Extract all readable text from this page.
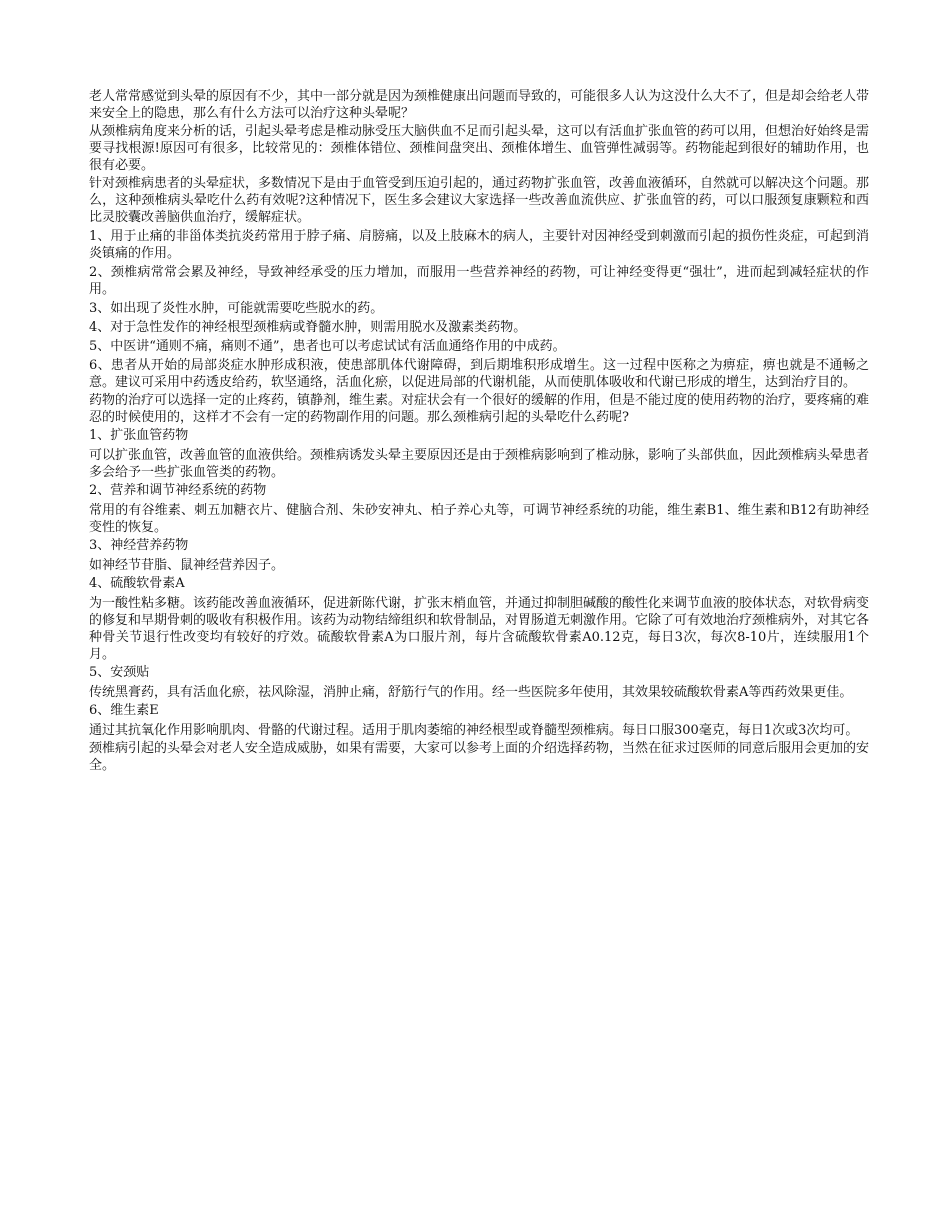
老人常常感觉到头晕的原因有不少，其中一部分就是因为颈椎健康出问题而导致的，可能很多人认为这没什么大不了，但是却会给老人带来安全上的隐患，那么有什么方法可以治疗这种头晕呢？

从颈椎病角度来分析的话，引起头晕考虑是椎动脉受压大脑供血不足而引起头晕，这可以有活血扩张血管的药可以用，但想治好始终是需要寻找根源!原因可有很多，比较常见的：颈椎体错位、颈椎间盘突出、颈椎体增生、血管弹性减弱等。药物能起到很好的辅助作用，也很有必要。

针对颈椎病患者的头晕症状，多数情况下是由于血管受到压迫引起的，通过药物扩张血管，改善血液循环，自然就可以解决这个问题。那么，这种颈椎病头晕吃什么药有效呢?这种情况下，医生多会建议大家选择一些改善血流供应、扩张血管的药，可以口服颈复康颗粒和西比灵胶囊改善脑供血治疗，缓解症状。

1、用于止痛的非甾体类抗炎药常用于脖子痛、肩膀痛，以及上肢麻木的病人，主要针对因神经受到刺激而引起的损伤性炎症，可起到消炎镇痛的作用。

2、颈椎病常常会累及神经，导致神经承受的压力增加，而服用一些营养神经的药物，可让神经变得更“强壮”，进而起到减轻症状的作用。

3、如出现了炎性水肿，可能就需要吃些脱水的药。

4、对于急性发作的神经根型颈椎病或脊髓水肿，则需用脱水及激素类药物。

5、中医讲“通则不痛，痛则不通”，患者也可以考虑试试有活血通络作用的中成药。

6、患者从开始的局部炎症水肿形成积液，使患部肌体代谢障碍，到后期堆积形成增生。这一过程中医称之为痹症，痹也就是不通畅之意。建议可采用中药透皮给药，软坚通络，活血化瘀，以促进局部的代谢机能，从而使肌体吸收和代谢已形成的增生，达到治疗目的。

药物的治疗可以选择一定的止疼药，镇静剂，维生素。对症状会有一个很好的缓解的作用，但是不能过度的使用药物的治疗，要疼痛的难忍的时候使用的，这样才不会有一定的药物副作用的问题。那么颈椎病引起的头晕吃什么药呢?

1、扩张血管药物

可以扩张血管，改善血管的血液供给。颈椎病诱发头晕主要原因还是由于颈椎病影响到了椎动脉，影响了头部供血，因此颈椎病头晕患者多会给予一些扩张血管类的药物。

2、营养和调节神经系统的药物

常用的有谷维素、刺五加糖衣片、健脑合剂、朱砂安神丸、柏子养心丸等，可调节神经系统的功能，维生素B1、维生素和B12有助神经变性的恢复。

3、神经营养药物

如神经节苷脂、鼠神经营养因子。

4、硫酸软骨素A

为一酸性粘多糖。该药能改善血液循环，促进新陈代谢，扩张末梢血管，并通过抑制胆碱酸的酸性化来调节血液的胶体状态，对软骨病变的修复和早期骨刺的吸收有积极作用。该药为动物结缔组织和软骨制品，对胃肠道无刺激作用。它除了可有效地治疗颈椎病外，对其它各种骨关节退行性改变均有较好的疗效。硫酸软骨素A为口服片剂，每片含硫酸软骨素A0.12克，每日3次，每次8-10片，连续服用1个月。

5、安颈贴

传统黑膏药，具有活血化瘀，祛风除湿，消肿止痛，舒筋行气的作用。经一些医院多年使用，其效果较硫酸软骨素A等西药效果更佳。

6、维生素E

通过其抗氧化作用影响肌肉、骨骼的代谢过程。适用于肌肉萎缩的神经根型或脊髓型颈椎病。每日口服300毫克，每日1次或3次均可。

颈椎病引起的头晕会对老人安全造成威胁，如果有需要，大家可以参考上面的介绍选择药物，当然在征求过医师的同意后服用会更加的安全。
